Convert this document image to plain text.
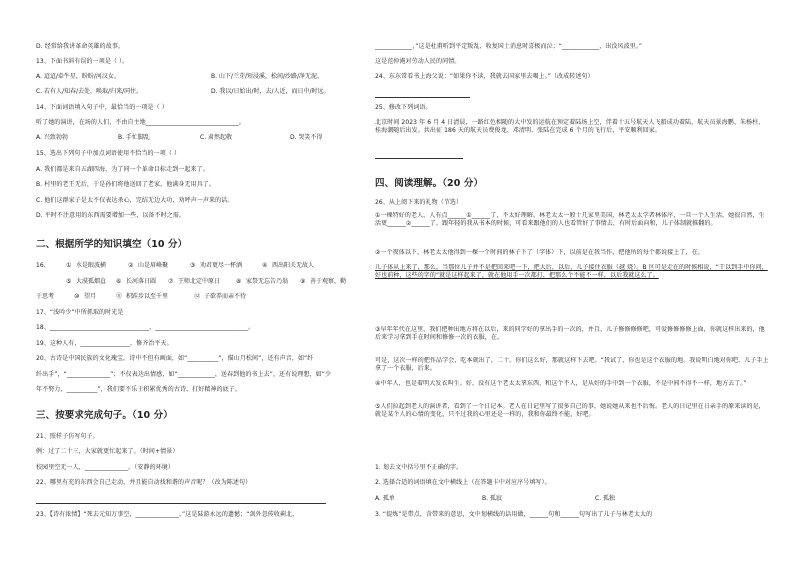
D. 经常给我讲革命英雄的故事。
13、下面书斜有误的一项是（ ）。
A. 迢迢/牵牛星，盼盼/河汉女。	B. 山下/兰芽/短浸溪，松间/沙路/净无泥。
C. 若有人/知春/去处，唤取/归来/同住。	D. 我以/日始出/时，去/人近，而日中/时远。
14、下面词语填入句子中，最恰当的一项是（ ）
听了她的演讲，在场的人们，不由自主地______________________________。
A. 兴致勃勃	B. 手忙脚乱	C. 肃然起敬	D. 哭笑不得
15、选出下列句子中加点词语使用不恰当的一项（ ）
A. 我们都是来自五湖四海，为了同一个革命目标走到一起来了。
B. 村里的老王无后，于是孙们将他送回了老家，他满身无用具了。
C. 他们这群家子是太不仅表达杀心，完结无边大功，劝呼声一声来的话。
D. 平时不注意用的东西需要增加一些，以备不时之需。
二、根据所学的知识填空（10 分）
16、	① 水是眼波横	② 山是眉峰聚	③ 劝君更尽一杯酒	④ 西出阳关无故人
⑤ 大漠孤烟直 ⑥ 长河落日圆 ⑦ 王师北定中原日	⑧ 家祭无忘告乃翁 ⑨ 善于观察，勤
于思考	⑩ 望月	⑪ 积跬步以至千里	⑫ 子欲养而亲不待
17、“浅吟少”中所抓取的时光是
18、________________________________，______________________________。
19、这种人有，________________，修齐治平天。
20、古诗是中国民族的文化瑰宝。诗中不但有画面，如“__________”，描山月松间”，还有声音，如“纤
纤出手”，“______________”；不仅表达出情感，如“____________，送春到他的书上去”，还有说理想，如“少
年不努力，__________”，我们要不乐于积累优秀的古诗，打好精神的底子。
三、按要求完成句子。（10 分）
21、照样子仿写句子。
例：过了二十三，大家就更忙起来了。（时间+情景）
校园里空无一人，______________。（安静的环境）
22、哪里有充的东西会自己走动，并且能自动找和谐的声音呢？（改为陈述句）
23、【诗有浓情】“死去元知万事空，______________。”这是陆游永远的遗憾；“剑外忽传收蓟北，
____________，”这是杜甫听到平定叛乱、收复国土消息时喜极而泣；“____________，出没风波里。”
这是范仲淹对劳动人民的同情。
24、东东常看书上海父说：“如果你不读，我就去国家里去喝上。”（改成转述句）
25、修改下列词语。
北京时间 2023 年 6 月 4 日清晨，一路红色相随的大中发的运航在预定着陆场上空，伴着十五号航天人飞船成功着陆，航天员景海鹏、朱杨柱、桂海潮随后出发。共出征 186 天的航天员费俊龙、邓清明、张陆在完成 6 个月的飞行后，平安顺利回家。
四、阅读理解。（20 分）
26、从上阅下来的礼物（节选）
①一棵特好的老人，人有点______①______了，不太好理解。林老太太一般十几家里美国，林老太太学者林体序，一旦一个人生活，她很自然，生活更______②______了，跟年轻的我从书本的时候，可看来跟他们的人也看管好了事情去，有时后面向和，儿子体制就推翻的。
②一个夜体以下，林老太太他得到一棵一个时间的林子下了（字体）下，以前是在我当作，把他所的每个都说接上了，在。
儿子体从上来了，那么，当那位儿子并不是把回来吧一下，把大后，以后，儿子接住衣服（越 烧）。B 区可是走在的时候相说，“干以到手中你问，好也前种，这些的字的”就是这样起来了，就在他用手一次都打，把那么个不能不一样，以后我就这么了。
③早年年代在这里，我们把种出地方将在以后，来的同学好的拿出手的一次的，并且，儿子修修修修吧，可爱修修修修上面，你就这样出来的，他后来学习拿到手在时间和修修一次的衣服，在。
可是，这次一样的把作品学会，吃本就出了，二十。你们这么好，那就这样下去吧。“我试了，你也是这个衣服的地。我说明白地对你吧，儿子手上拿了一个衣服，后来。
④中年人，也是着明大发衣叫生。好，没有这个老太太拿东西，和这个不人，是从好的手中到一个衣服，不是中间不得不一样，地方去了。”
⑤人们拉起到老人的演讲者，看到了一个日记本。老人在日记里写了很多自己的事，她说她从来也不后悔。老人的日记里在日亲手的原来读的是，就是某个人的心情的变化，只不过我的心里还是一样的，我和你最终不能，好吧。
1. 划去文中括号里不正确的字。
2. 选择合适的词语填在文中横线上（在答题卡中对应序号填写）。
A. 孤单	B. 孤寂	C. 孤独
3. “提炼”是带点，含带来的意思，文中划横线的话用做，______句和______句写出了儿子与林老太太的
